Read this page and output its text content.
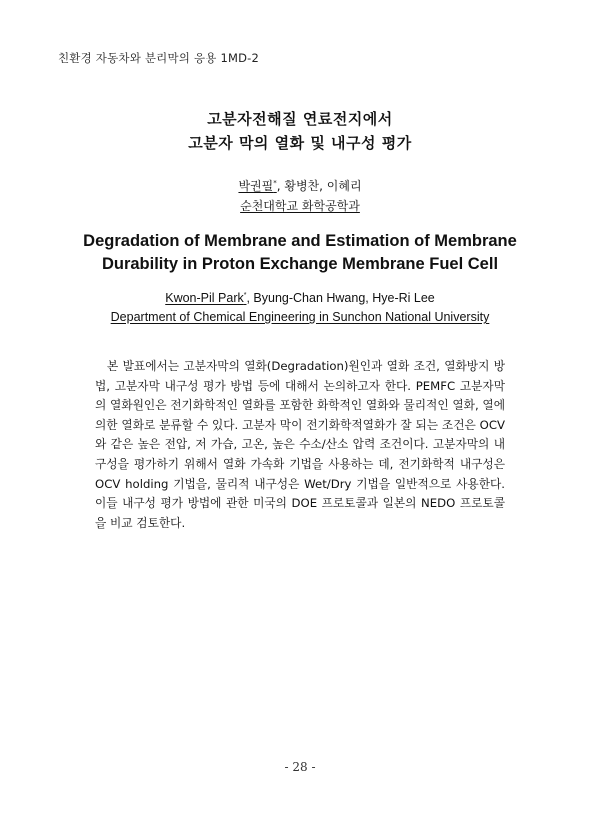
친환경 자동차와 분리막의 응용 1MD-2
고분자전해질 연료전지에서
고분자 막의 열화 및 내구성 평가
박권필*, 황병찬, 이혜리
순천대학교 화학공학과
Degradation of Membrane and Estimation of Membrane
Durability in Proton Exchange Membrane Fuel Cell
Kwon-Pil Park*, Byung-Chan Hwang, Hye-Ri Lee
Department of Chemical Engineering in Sunchon National University

본 발표에서는 고분자막의 열화(Degradation)원인과 열화 조건, 열화방지 방법, 고분자막 내구성 평가 방법 등에 대해서 논의하고자 한다. PEMFC 고분자막의 열화원인은 전기화학적인 열화를 포함한 화학적인 열화와 물리적인 열화, 열에 의한 열화로 분류할 수 있다. 고분자 막이 전기화학적열화가 잘 되는 조건은 OCV와 같은 높은 전압, 저 가습, 고온, 높은 수소/산소 압력 조건이다. 고분자막의 내구성을 평가하기 위해서 열화 가속화 기법을 사용하는 데, 전기화학적 내구성은 OCV holding 기법을, 물리적 내구성은 Wet/Dry 기법을 일반적으로 사용한다. 이들 내구성 평가 방법에 관한 미국의 DOE 프로토콜과 일본의 NEDO 프로토콜을 비교 검토한다.

- 28 -
